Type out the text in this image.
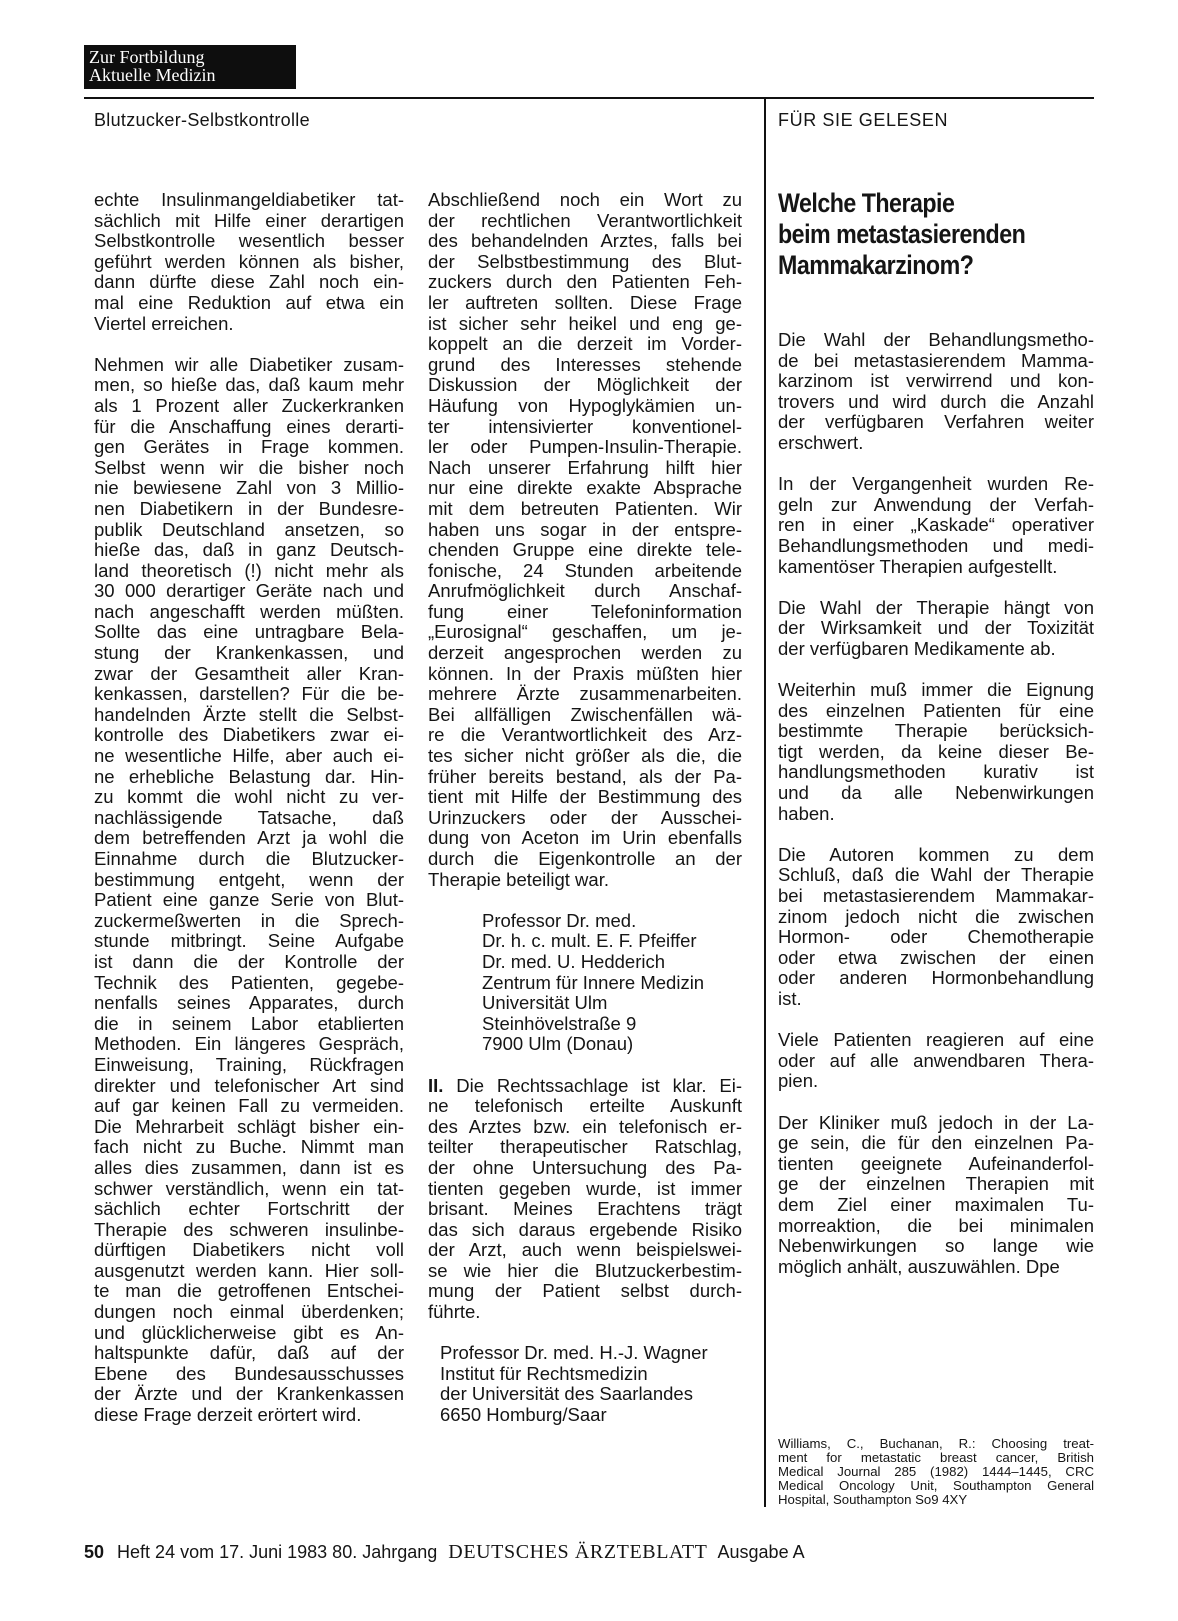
Zur Fortbildung
Aktuelle Medizin
Blutzucker-Selbstkontrolle	FÜR SIE GELESEN
echte Insulinmangeldiabetiker tat-
sächlich mit Hilfe einer derartigen
Selbstkontrolle wesentlich besser
geführt werden können als bisher,
dann dürfte diese Zahl noch ein-
mal eine Reduktion auf etwa ein
Viertel erreichen.
Nehmen wir alle Diabetiker zusam-
men, so hieße das, daß kaum mehr
als 1 Prozent aller Zuckerkranken
für die Anschaffung eines derarti-
gen Gerätes in Frage kommen.
Selbst wenn wir die bisher noch
nie bewiesene Zahl von 3 Millio-
nen Diabetikern in der Bundesre-
publik Deutschland ansetzen, so
hieße das, daß in ganz Deutsch-
land theoretisch (!) nicht mehr als
30 000 derartiger Geräte nach und
nach angeschafft werden müßten.
Sollte das eine untragbare Bela-
stung der Krankenkassen, und
zwar der Gesamtheit aller Kran-
kenkassen, darstellen? Für die be-
handelnden Ärzte stellt die Selbst-
kontrolle des Diabetikers zwar ei-
ne wesentliche Hilfe, aber auch ei-
ne erhebliche Belastung dar. Hin-
zu kommt die wohl nicht zu ver-
nachlässigende Tatsache, daß
dem betreffenden Arzt ja wohl die
Einnahme durch die Blutzucker-
bestimmung entgeht, wenn der
Patient eine ganze Serie von Blut-
zuckermeßwerten in die Sprech-
stunde mitbringt. Seine Aufgabe
ist dann die der Kontrolle der
Technik des Patienten, gegebe-
nenfalls seines Apparates, durch
die in seinem Labor etablierten
Methoden. Ein längeres Gespräch,
Einweisung, Training, Rückfragen
direkter und telefonischer Art sind
auf gar keinen Fall zu vermeiden.
Die Mehrarbeit schlägt bisher ein-
fach nicht zu Buche. Nimmt man
alles dies zusammen, dann ist es
schwer verständlich, wenn ein tat-
sächlich echter Fortschritt der
Therapie des schweren insulinbe-
dürftigen Diabetikers nicht voll
ausgenutzt werden kann. Hier soll-
te man die getroffenen Entschei-
dungen noch einmal überdenken;
und glücklicherweise gibt es An-
haltspunkte dafür, daß auf der
Ebene des Bundesausschusses
der Ärzte und der Krankenkassen
diese Frage derzeit erörtert wird.
Abschließend noch ein Wort zu
der rechtlichen Verantwortlichkeit
des behandelnden Arztes, falls bei
der Selbstbestimmung des Blut-
zuckers durch den Patienten Feh-
ler auftreten sollten. Diese Frage
ist sicher sehr heikel und eng ge-
koppelt an die derzeit im Vorder-
grund des Interesses stehende
Diskussion der Möglichkeit der
Häufung von Hypoglykämien un-
ter intensivierter konventionel-
ler oder Pumpen-Insulin-Therapie.
Nach unserer Erfahrung hilft hier
nur eine direkte exakte Absprache
mit dem betreuten Patienten. Wir
haben uns sogar in der entspre-
chenden Gruppe eine direkte tele-
fonische, 24 Stunden arbeitende
Anrufmöglichkeit durch Anschaf-
fung einer Telefoninformation
„Eurosignal“ geschaffen, um je-
derzeit angesprochen werden zu
können. In der Praxis müßten hier
mehrere Ärzte zusammenarbeiten.
Bei allfälligen Zwischenfällen wä-
re die Verantwortlichkeit des Arz-
tes sicher nicht größer als die, die
früher bereits bestand, als der Pa-
tient mit Hilfe der Bestimmung des
Urinzuckers oder der Ausschei-
dung von Aceton im Urin ebenfalls
durch die Eigenkontrolle an der
Therapie beteiligt war.
Professor Dr. med.
Dr. h. c. mult. E. F. Pfeiffer
Dr. med. U. Hedderich
Zentrum für Innere Medizin
Universität Ulm
Steinhövelstraße 9
7900 Ulm (Donau)
II. Die Rechtssachlage ist klar. Ei-
ne telefonisch erteilte Auskunft
des Arztes bzw. ein telefonisch er-
teilter therapeutischer Ratschlag,
der ohne Untersuchung des Pa-
tienten gegeben wurde, ist immer
brisant. Meines Erachtens trägt
das sich daraus ergebende Risiko
der Arzt, auch wenn beispielswei-
se wie hier die Blutzuckerbestim-
mung der Patient selbst durch-
führte.
Professor Dr. med. H.-J. Wagner
Institut für Rechtsmedizin
der Universität des Saarlandes
6650 Homburg/Saar
Welche Therapie
beim metastasierenden
Mammakarzinom?
Die Wahl der Behandlungsmetho-
de bei metastasierendem Mamma-
karzinom ist verwirrend und kon-
trovers und wird durch die Anzahl
der verfügbaren Verfahren weiter
erschwert.
In der Vergangenheit wurden Re-
geln zur Anwendung der Verfah-
ren in einer „Kaskade“ operativer
Behandlungsmethoden und medi-
kamentöser Therapien aufgestellt.
Die Wahl der Therapie hängt von
der Wirksamkeit und der Toxizität
der verfügbaren Medikamente ab.
Weiterhin muß immer die Eignung
des einzelnen Patienten für eine
bestimmte Therapie berücksich-
tigt werden, da keine dieser Be-
handlungsmethoden kurativ ist
und da alle Nebenwirkungen
haben.
Die Autoren kommen zu dem
Schluß, daß die Wahl der Therapie
bei metastasierendem Mammakar-
zinom jedoch nicht die zwischen
Hormon- oder Chemotherapie
oder etwa zwischen der einen
oder anderen Hormonbehandlung
ist.
Viele Patienten reagieren auf eine
oder auf alle anwendbaren Thera-
pien.
Der Kliniker muß jedoch in der La-
ge sein, die für den einzelnen Pa-
tienten geeignete Aufeinanderfol-
ge der einzelnen Therapien mit
dem Ziel einer maximalen Tu-
morreaktion, die bei minimalen
Nebenwirkungen so lange wie
möglich anhält, auszuwählen. Dpe
Williams, C., Buchanan, R.: Choosing treat-
ment for metastatic breast cancer, British
Medical Journal 285 (1982) 1444–1445, CRC
Medical Oncology Unit, Southampton General
Hospital, Southampton So9 4XY
50 Heft 24 vom 17. Juni 1983 80. Jahrgang DEUTSCHES ÄRZTEBLATT Ausgabe A
